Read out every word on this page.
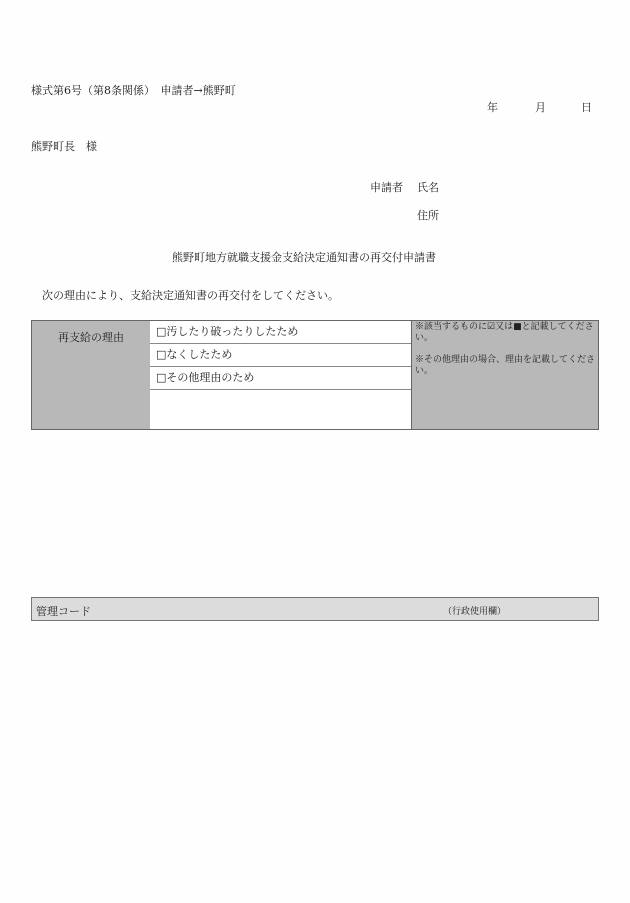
様式第6号（第8条関係）　申請者→熊野町
年	月	日
熊野町長　様
申請者 氏名
住所
熊野町地方就職支援金支給決定通知書の再交付申請書
次の理由により、支給決定通知書の再交付をしてください。
再支給の理由	□汚したり破ったりしたため
□なくしたため
□その他理由のため
※該当するものに☑又は■と記載してください。
※その他理由の場合、理由を記載してください。
管理コード	（行政使用欄）
